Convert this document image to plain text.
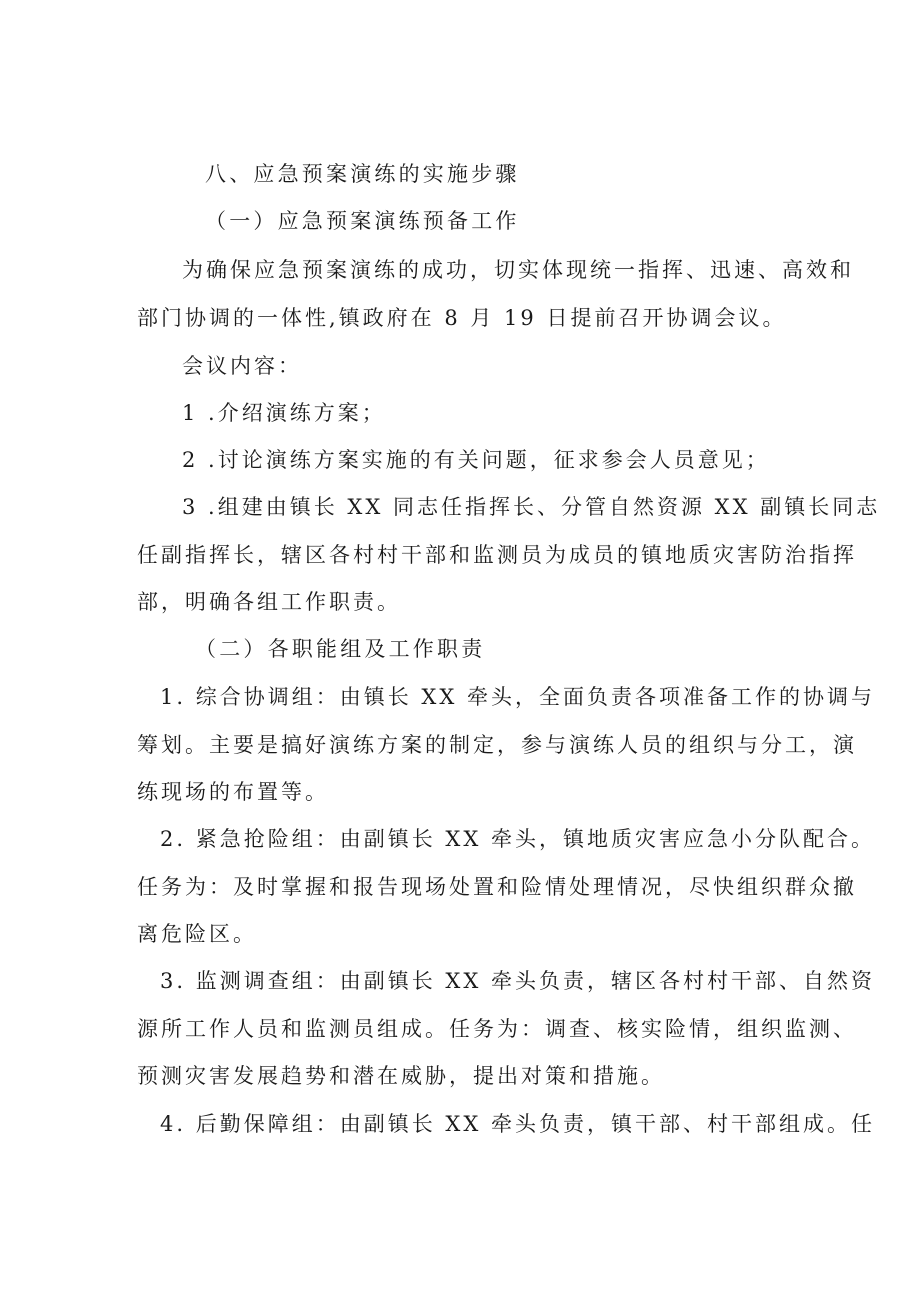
八、应急预案演练的实施步骤
（一）应急预案演练预备工作
为确保应急预案演练的成功，切实体现统一指挥、迅速、高效和
部门协调的一体性,镇政府在 8 月 19 日提前召开协调会议。
会议内容：
1 .介绍演练方案；
2 .讨论演练方案实施的有关问题，征求参会人员意见；
3 .组建由镇长 XX 同志任指挥长、分管自然资源 XX 副镇长同志
任副指挥长，辖区各村村干部和监测员为成员的镇地质灾害防治指挥
部，明确各组工作职责。
（二）各职能组及工作职责
1. 综合协调组：由镇长 XX 牵头，全面负责各项准备工作的协调与
筹划。主要是搞好演练方案的制定，参与演练人员的组织与分工，演
练现场的布置等。
2. 紧急抢险组：由副镇长 XX 牵头，镇地质灾害应急小分队配合。
任务为：及时掌握和报告现场处置和险情处理情况，尽快组织群众撤
离危险区。
3. 监测调查组：由副镇长 XX 牵头负责，辖区各村村干部、自然资
源所工作人员和监测员组成。任务为：调查、核实险情，组织监测、
预测灾害发展趋势和潜在威胁，提出对策和措施。
4. 后勤保障组：由副镇长 XX 牵头负责，镇干部、村干部组成。任
